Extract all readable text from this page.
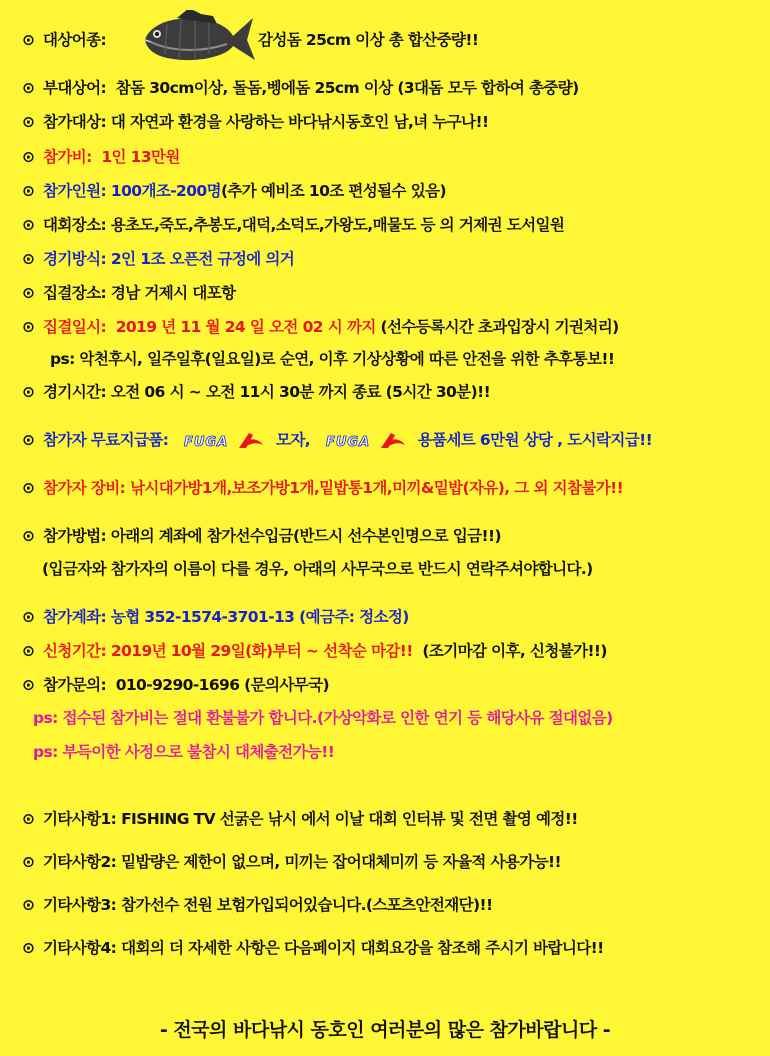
⊙ 대상어종:	감성돔 25cm 이상 총 합산중량!!
⊙ 부대상어: 참돔 30cm이상, 돌돔,벵에돔 25cm 이상 (3대돔 모두 합하여 총중량)
⊙ 참가대상: 대 자연과 환경을 사랑하는 바다낚시동호인 남,녀 누구나!!
⊙ 참가비: 1인 13만원
⊙ 참가인원: 100개조-200명(추가 예비조 10조 편성될수 있음)
⊙ 대회장소: 용초도,죽도,추봉도,대덕,소덕도,가왕도,매물도 등 의 거제권 도서일원
⊙ 경기방식: 2인 1조 오픈전 규정에 의거
⊙ 집결장소: 경남 거제시 대포항
⊙ 집결일시: 2019 년 11 월 24 일 오전 02 시 까지 (선수등록시간 초과입장시 기권처리)
ps: 악천후시, 일주일후(일요일)로 순연, 이후 기상상황에 따른 안전을 위한 추후통보!!
⊙ 경기시간: 오전 06 시 ~ 오전 11시 30분 까지 종료 (5시간 30분)!!
⊙ 참가자 무료지급품: FUGA	모자, FUGA	용품세트 6만원 상당 , 도시락지급!!
⊙ 참가자 장비: 낚시대가방1개,보조가방1개,밑밥통1개,미끼&밑밥(자유), 그 외 지참불가!!
⊙ 참가방법: 아래의 계좌에 참가선수입금(반드시 선수본인명으로 입금!!)
(입금자와 참가자의 이름이 다를 경우, 아래의 사무국으로 반드시 연락주셔야합니다.)
⊙ 참가계좌: 농협 352-1574-3701-13 (예금주: 정소정)
⊙ 신청기간: 2019년 10월 29일(화)부터 ~ 선착순 마감!! (조기마감 이후, 신청불가!!)
⊙ 참가문의: 010-9290-1696 (문의사무국)
ps: 접수된 참가비는 절대 환불불가 합니다.(가상악화로 인한 연기 등 해당사유 절대없음)
ps: 부득이한 사정으로 불참시 대체출전가능!!
⊙ 기타사항1: FISHING TV 선굵은 낚시 에서 이날 대회 인터뷰 및 전면 촬영 예정!!
⊙ 기타사항2: 밑밥량은 제한이 없으며, 미끼는 잡어대체미끼 등 자율적 사용가능!!
⊙ 기타사항3: 참가선수 전원 보험가입되어있습니다.(스포츠안전재단)!!
⊙ 기타사항4: 대회의 더 자세한 사항은 다음페이지 대회요강을 참조해 주시기 바랍니다!!
- 전국의 바다낚시 동호인 여러분의 많은 참가바랍니다 -
